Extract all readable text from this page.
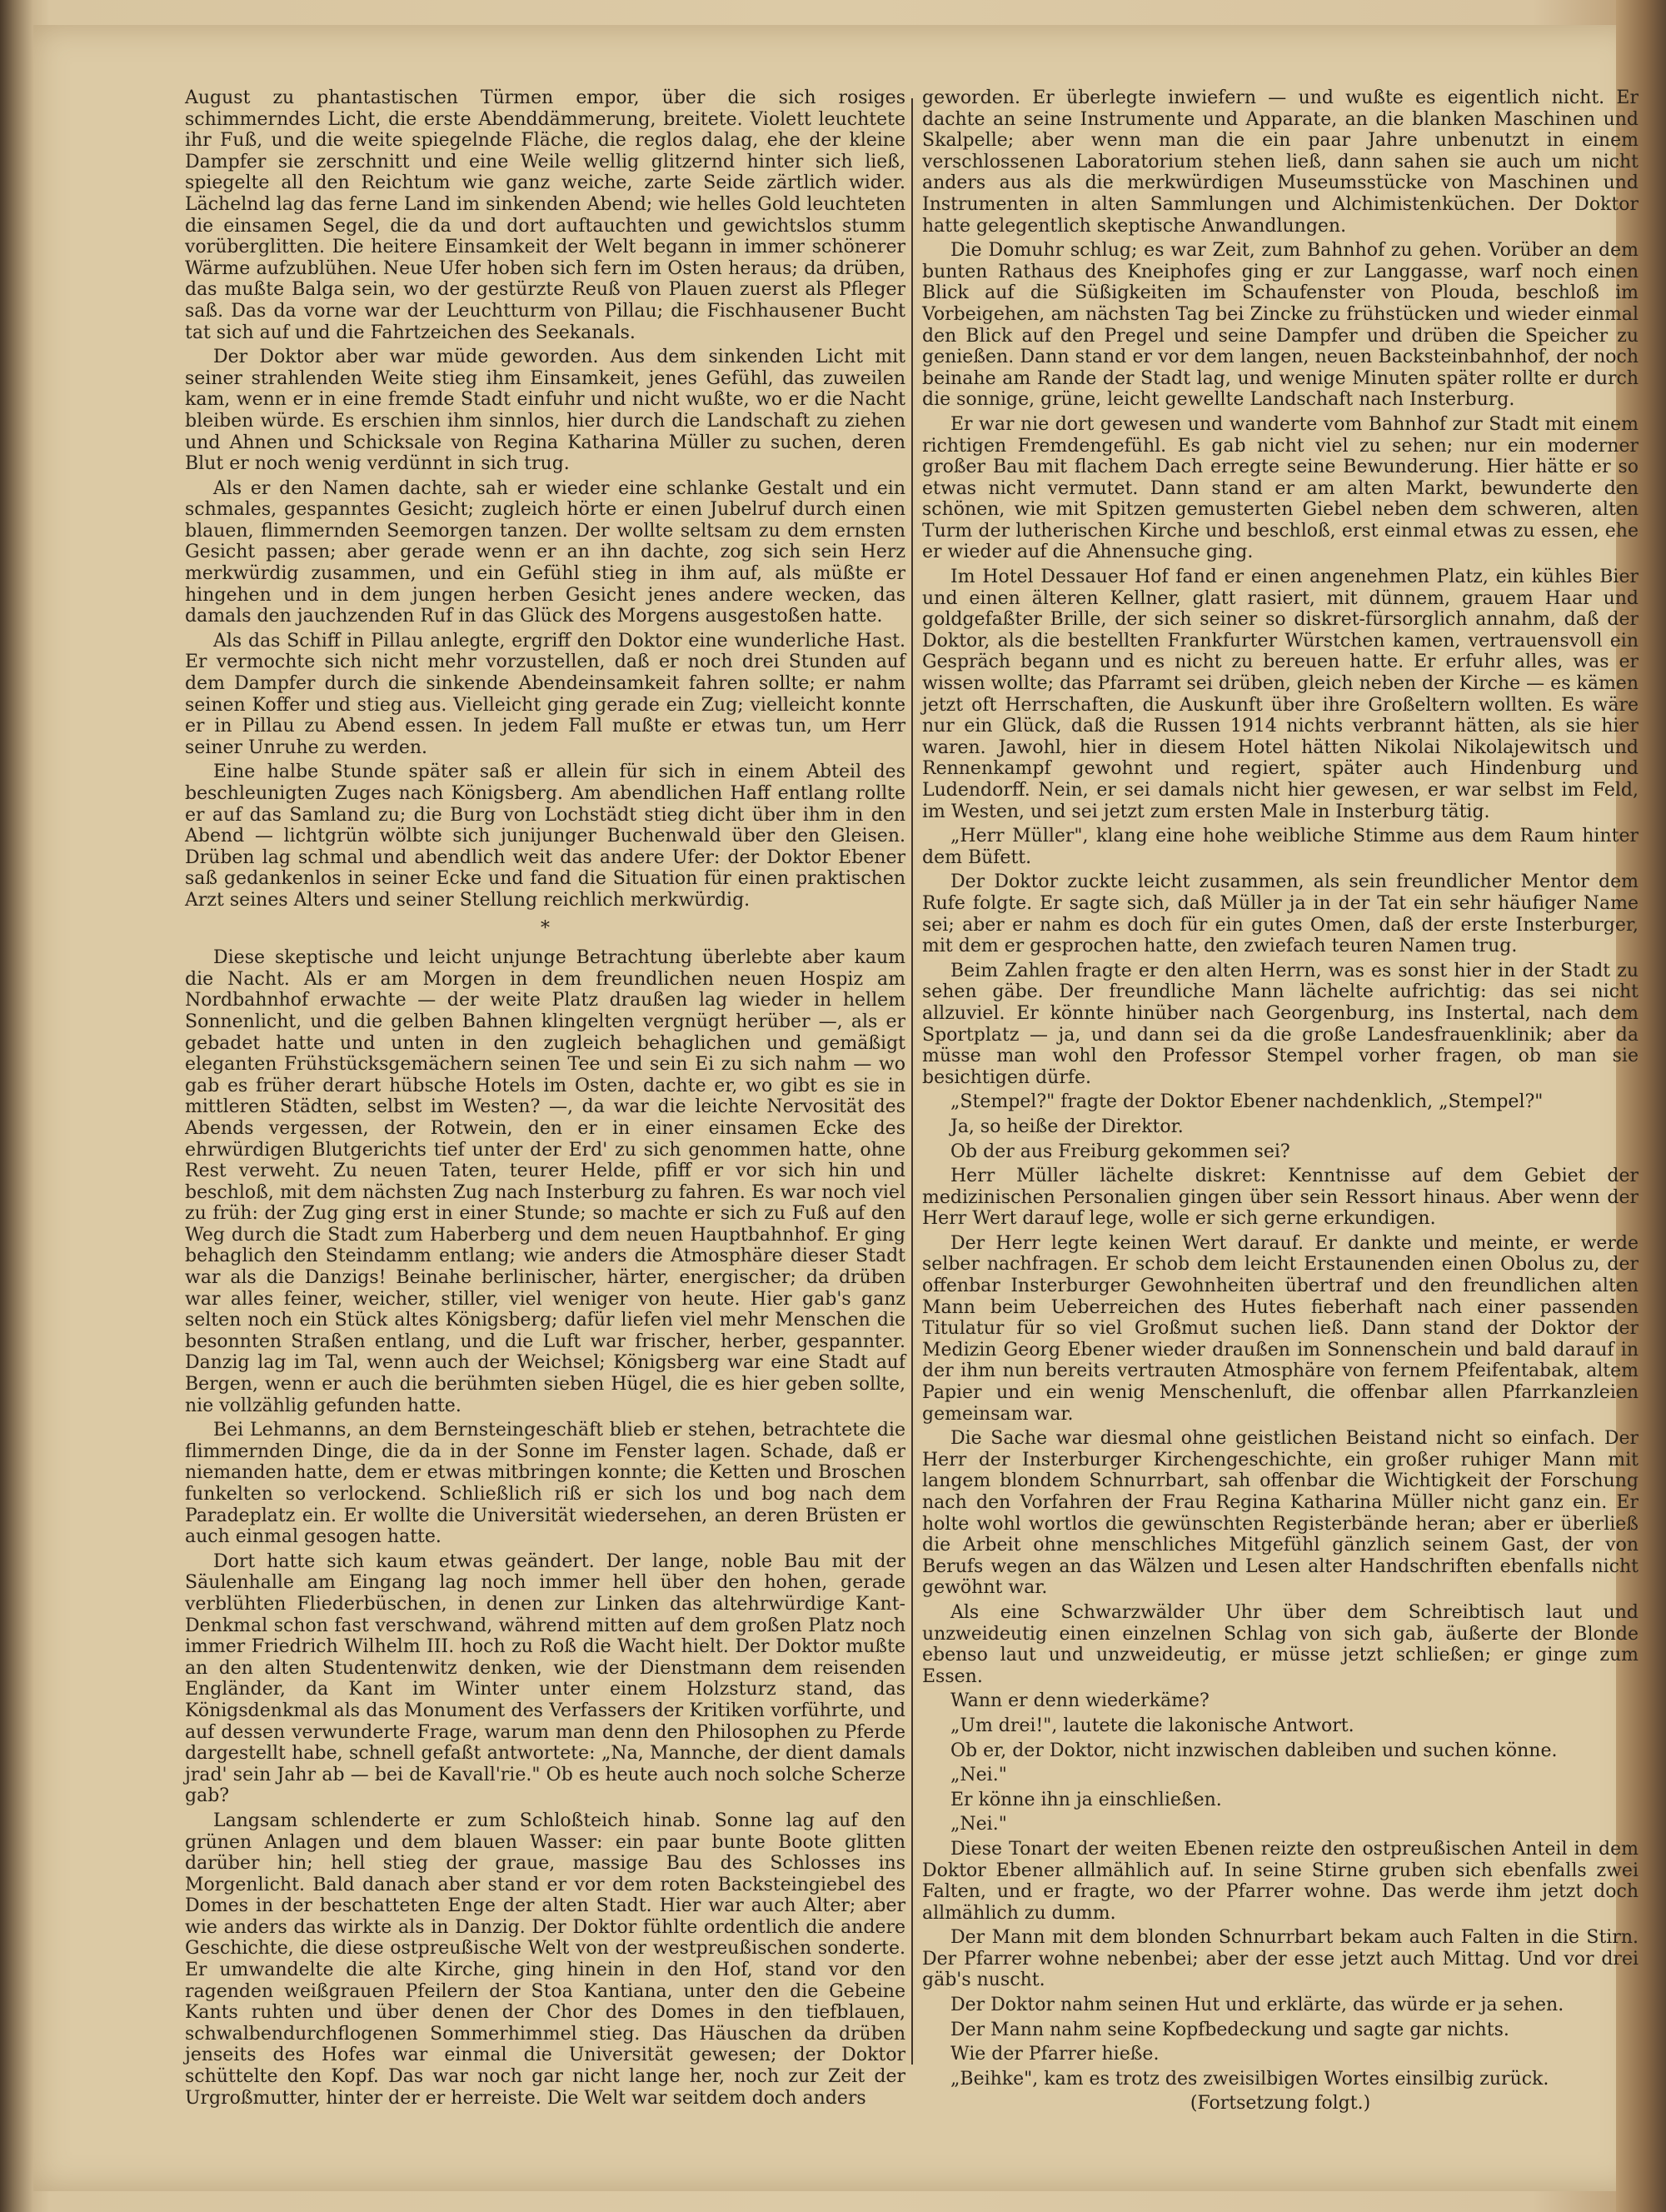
August zu phantastischen Türmen empor, über die sich rosiges schimmerndes Licht, die erste Abenddämmerung, breitete. Violett leuchtete ihr Fuß, und die weite spiegelnde Fläche, die reglos dalag, ehe der kleine Dampfer sie zerschnitt und eine Weile wellig glitzernd hinter sich ließ, spiegelte all den Reichtum wie ganz weiche, zarte Seide zärtlich wider. Lächelnd lag das ferne Land im sinkenden Abend; wie helles Gold leuchteten die einsamen Segel, die da und dort auftauchten und gewichtslos stumm vorüberglitten. Die heitere Einsamkeit der Welt begann in immer schönerer Wärme aufzublühen. Neue Ufer hoben sich fern im Osten heraus; da drüben, das mußte Balga sein, wo der gestürzte Reuß von Plauen zuerst als Pfleger saß. Das da vorne war der Leuchtturm von Pillau; die Fischhausener Bucht tat sich auf und die Fahrtzeichen des Seekanals.

Der Doktor aber war müde geworden. Aus dem sinkenden Licht mit seiner strahlenden Weite stieg ihm Einsamkeit, jenes Gefühl, das zuweilen kam, wenn er in eine fremde Stadt einfuhr und nicht wußte, wo er die Nacht bleiben würde. Es erschien ihm sinnlos, hier durch die Landschaft zu ziehen und Ahnen und Schicksale von Regina Katharina Müller zu suchen, deren Blut er noch wenig verdünnt in sich trug.

Als er den Namen dachte, sah er wieder eine schlanke Gestalt und ein schmales, gespanntes Gesicht; zugleich hörte er einen Jubelruf durch einen blauen, flimmernden Seemorgen tanzen. Der wollte seltsam zu dem ernsten Gesicht passen; aber gerade wenn er an ihn dachte, zog sich sein Herz merkwürdig zusammen, und ein Gefühl stieg in ihm auf, als müßte er hingehen und in dem jungen herben Gesicht jenes andere wecken, das damals den jauchzenden Ruf in das Glück des Morgens ausgestoßen hatte.

Als das Schiff in Pillau anlegte, ergriff den Doktor eine wunderliche Hast. Er vermochte sich nicht mehr vorzustellen, daß er noch drei Stunden auf dem Dampfer durch die sinkende Abendeinsamkeit fahren sollte; er nahm seinen Koffer und stieg aus. Vielleicht ging gerade ein Zug; vielleicht konnte er in Pillau zu Abend essen. In jedem Fall mußte er etwas tun, um Herr seiner Unruhe zu werden.

Eine halbe Stunde später saß er allein für sich in einem Abteil des beschleunigten Zuges nach Königsberg. Am abendlichen Haff entlang rollte er auf das Samland zu; die Burg von Lochstädt stieg dicht über ihm in den Abend — lichtgrün wölbte sich junijunger Buchenwald über den Gleisen. Drüben lag schmal und abendlich weit das andere Ufer: der Doktor Ebener saß gedankenlos in seiner Ecke und fand die Situation für einen praktischen Arzt seines Alters und seiner Stellung reichlich merkwürdig.

*

Diese skeptische und leicht unjunge Betrachtung überlebte aber kaum die Nacht. Als er am Morgen in dem freundlichen neuen Hospiz am Nordbahnhof erwachte — der weite Platz draußen lag wieder in hellem Sonnenlicht, und die gelben Bahnen klingelten vergnügt herüber —, als er gebadet hatte und unten in den zugleich behaglichen und gemäßigt eleganten Frühstücksgemächern seinen Tee und sein Ei zu sich nahm — wo gab es früher derart hübsche Hotels im Osten, dachte er, wo gibt es sie in mittleren Städten, selbst im Westen? —, da war die leichte Nervosität des Abends vergessen, der Rotwein, den er in einer einsamen Ecke des ehrwürdigen Blutgerichts tief unter der Erd' zu sich genommen hatte, ohne Rest verweht. Zu neuen Taten, teurer Helde, pfiff er vor sich hin und beschloß, mit dem nächsten Zug nach Insterburg zu fahren. Es war noch viel zu früh: der Zug ging erst in einer Stunde; so machte er sich zu Fuß auf den Weg durch die Stadt zum Haberberg und dem neuen Hauptbahnhof. Er ging behaglich den Steindamm entlang; wie anders die Atmosphäre dieser Stadt war als die Danzigs! Beinahe berlinischer, härter, energischer; da drüben war alles feiner, weicher, stiller, viel weniger von heute. Hier gab's ganz selten noch ein Stück altes Königsberg; dafür liefen viel mehr Menschen die besonnten Straßen entlang, und die Luft war frischer, herber, gespannter. Danzig lag im Tal, wenn auch der Weichsel; Königsberg war eine Stadt auf Bergen, wenn er auch die berühmten sieben Hügel, die es hier geben sollte, nie vollzählig gefunden hatte.

Bei Lehmanns, an dem Bernsteingeschäft blieb er stehen, betrachtete die flimmernden Dinge, die da in der Sonne im Fenster lagen. Schade, daß er niemanden hatte, dem er etwas mitbringen konnte; die Ketten und Broschen funkelten so verlockend. Schließlich riß er sich los und bog nach dem Paradeplatz ein. Er wollte die Universität wiedersehen, an deren Brüsten er auch einmal gesogen hatte.

Dort hatte sich kaum etwas geändert. Der lange, noble Bau mit der Säulenhalle am Eingang lag noch immer hell über den hohen, gerade verblühten Fliederbüschen, in denen zur Linken das altehrwürdige Kant-Denkmal schon fast verschwand, während mitten auf dem großen Platz noch immer Friedrich Wilhelm III. hoch zu Roß die Wacht hielt. Der Doktor mußte an den alten Studentenwitz denken, wie der Dienstmann dem reisenden Engländer, da Kant im Winter unter einem Holzsturz stand, das Königsdenkmal als das Monument des Verfassers der Kritiken vorführte, und auf dessen verwunderte Frage, warum man denn den Philosophen zu Pferde dargestellt habe, schnell gefaßt antwortete: „Na, Mannche, der dient damals jrad' sein Jahr ab — bei de Kavall'rie." Ob es heute auch noch solche Scherze gab?

Langsam schlenderte er zum Schloßteich hinab. Sonne lag auf den grünen Anlagen und dem blauen Wasser: ein paar bunte Boote glitten darüber hin; hell stieg der graue, massige Bau des Schlosses ins Morgenlicht. Bald danach aber stand er vor dem roten Backsteingiebel des Domes in der beschatteten Enge der alten Stadt. Hier war auch Alter; aber wie anders das wirkte als in Danzig. Der Doktor fühlte ordentlich die andere Geschichte, die diese ostpreußische Welt von der westpreußischen sonderte. Er umwandelte die alte Kirche, ging hinein in den Hof, stand vor den ragenden weißgrauen Pfeilern der Stoa Kantiana, unter den die Gebeine Kants ruhten und über denen der Chor des Domes in den tiefblauen, schwalbendurchflogenen Sommerhimmel stieg. Das Häuschen da drüben jenseits des Hofes war einmal die Universität gewesen; der Doktor schüttelte den Kopf. Das war noch gar nicht lange her, noch zur Zeit der Urgroßmutter, hinter der er herreiste. Die Welt war seitdem doch anders

geworden. Er überlegte inwiefern — und wußte es eigentlich nicht. Er dachte an seine Instrumente und Apparate, an die blanken Maschinen und Skalpelle; aber wenn man die ein paar Jahre unbenutzt in einem verschlossenen Laboratorium stehen ließ, dann sahen sie auch um nicht anders aus als die merkwürdigen Museumsstücke von Maschinen und Instrumenten in alten Sammlungen und Alchimistenküchen. Der Doktor hatte gelegentlich skeptische Anwandlungen.

Die Domuhr schlug; es war Zeit, zum Bahnhof zu gehen. Vorüber an dem bunten Rathaus des Kneiphofes ging er zur Langgasse, warf noch einen Blick auf die Süßigkeiten im Schaufenster von Plouda, beschloß im Vorbeigehen, am nächsten Tag bei Zincke zu frühstücken und wieder einmal den Blick auf den Pregel und seine Dampfer und drüben die Speicher zu genießen. Dann stand er vor dem langen, neuen Backsteinbahnhof, der noch beinahe am Rande der Stadt lag, und wenige Minuten später rollte er durch die sonnige, grüne, leicht gewellte Landschaft nach Insterburg.

Er war nie dort gewesen und wanderte vom Bahnhof zur Stadt mit einem richtigen Fremdengefühl. Es gab nicht viel zu sehen; nur ein moderner großer Bau mit flachem Dach erregte seine Bewunderung. Hier hätte er so etwas nicht vermutet. Dann stand er am alten Markt, bewunderte den schönen, wie mit Spitzen gemusterten Giebel neben dem schweren, alten Turm der lutherischen Kirche und beschloß, erst einmal etwas zu essen, ehe er wieder auf die Ahnensuche ging.

Im Hotel Dessauer Hof fand er einen angenehmen Platz, ein kühles Bier und einen älteren Kellner, glatt rasiert, mit dünnem, grauem Haar und goldgefaßter Brille, der sich seiner so diskret-fürsorglich annahm, daß der Doktor, als die bestellten Frankfurter Würstchen kamen, vertrauensvoll ein Gespräch begann und es nicht zu bereuen hatte. Er erfuhr alles, was er wissen wollte; das Pfarramt sei drüben, gleich neben der Kirche — es kämen jetzt oft Herrschaften, die Auskunft über ihre Großeltern wollten. Es wäre nur ein Glück, daß die Russen 1914 nichts verbrannt hätten, als sie hier waren. Jawohl, hier in diesem Hotel hätten Nikolai Nikolajewitsch und Rennenkampf gewohnt und regiert, später auch Hindenburg und Ludendorff. Nein, er sei damals nicht hier gewesen, er war selbst im Feld, im Westen, und sei jetzt zum ersten Male in Insterburg tätig.

„Herr Müller", klang eine hohe weibliche Stimme aus dem Raum hinter dem Büfett.

Der Doktor zuckte leicht zusammen, als sein freundlicher Mentor dem Rufe folgte. Er sagte sich, daß Müller ja in der Tat ein sehr häufiger Name sei; aber er nahm es doch für ein gutes Omen, daß der erste Insterburger, mit dem er gesprochen hatte, den zwiefach teuren Namen trug.

Beim Zahlen fragte er den alten Herrn, was es sonst hier in der Stadt zu sehen gäbe. Der freundliche Mann lächelte aufrichtig: das sei nicht allzuviel. Er könnte hinüber nach Georgenburg, ins Instertal, nach dem Sportplatz — ja, und dann sei da die große Landesfrauenklinik; aber da müsse man wohl den Professor Stempel vorher fragen, ob man sie besichtigen dürfe.

„Stempel?" fragte der Doktor Ebener nachdenklich, „Stempel?"

Ja, so heiße der Direktor.

Ob der aus Freiburg gekommen sei?

Herr Müller lächelte diskret: Kenntnisse auf dem Gebiet der medizinischen Personalien gingen über sein Ressort hinaus. Aber wenn der Herr Wert darauf lege, wolle er sich gerne erkundigen.

Der Herr legte keinen Wert darauf. Er dankte und meinte, er werde selber nachfragen. Er schob dem leicht Erstaunenden einen Obolus zu, der offenbar Insterburger Gewohnheiten übertraf und den freundlichen alten Mann beim Ueberreichen des Hutes fieberhaft nach einer passenden Titulatur für so viel Großmut suchen ließ. Dann stand der Doktor der Medizin Georg Ebener wieder draußen im Sonnenschein und bald darauf in der ihm nun bereits vertrauten Atmosphäre von fernem Pfeifentabak, altem Papier und ein wenig Menschenluft, die offenbar allen Pfarrkanzleien gemeinsam war.

Die Sache war diesmal ohne geistlichen Beistand nicht so einfach. Der Herr der Insterburger Kirchengeschichte, ein großer ruhiger Mann mit langem blondem Schnurrbart, sah offenbar die Wichtigkeit der Forschung nach den Vorfahren der Frau Regina Katharina Müller nicht ganz ein. Er holte wohl wortlos die gewünschten Registerbände heran; aber er überließ die Arbeit ohne menschliches Mitgefühl gänzlich seinem Gast, der von Berufs wegen an das Wälzen und Lesen alter Handschriften ebenfalls nicht gewöhnt war.

Als eine Schwarzwälder Uhr über dem Schreibtisch laut und unzweideutig einen einzelnen Schlag von sich gab, äußerte der Blonde ebenso laut und unzweideutig, er müsse jetzt schließen; er ginge zum Essen.

Wann er denn wiederkäme?

„Um drei!", lautete die lakonische Antwort.

Ob er, der Doktor, nicht inzwischen dableiben und suchen könne.

„Nei."

Er könne ihn ja einschließen.

„Nei."

Diese Tonart der weiten Ebenen reizte den ostpreußischen Anteil in dem Doktor Ebener allmählich auf. In seine Stirne gruben sich ebenfalls zwei Falten, und er fragte, wo der Pfarrer wohne. Das werde ihm jetzt doch allmählich zu dumm.

Der Mann mit dem blonden Schnurrbart bekam auch Falten in die Stirn. Der Pfarrer wohne nebenbei; aber der esse jetzt auch Mittag. Und vor drei gäb's nuscht.

Der Doktor nahm seinen Hut und erklärte, das würde er ja sehen.

Der Mann nahm seine Kopfbedeckung und sagte gar nichts.

Wie der Pfarrer hieße.

„Beihke", kam es trotz des zweisilbigen Wortes einsilbig zurück.

(Fortsetzung folgt.)
